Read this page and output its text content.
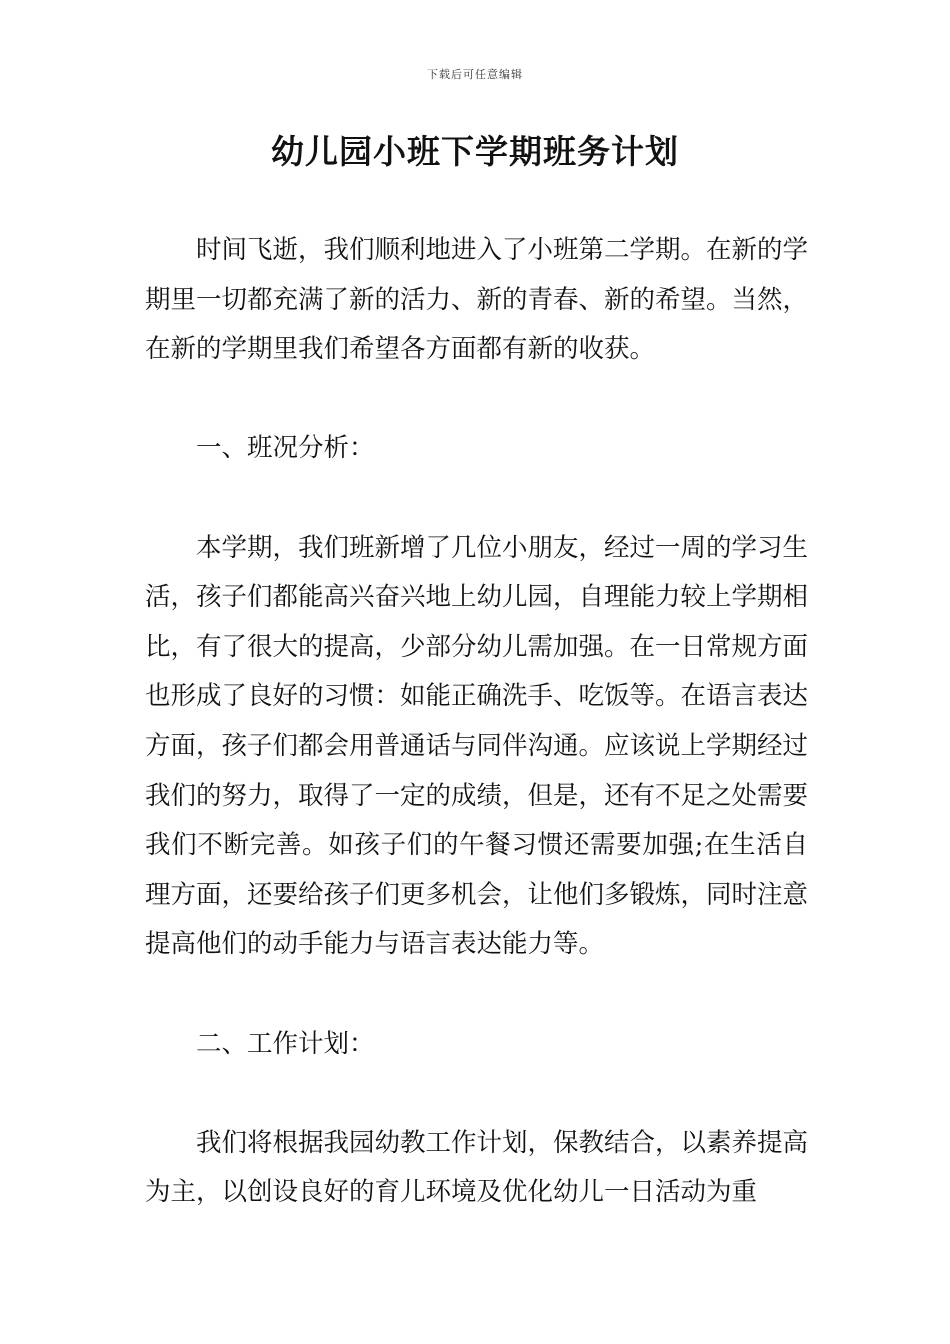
下载后可任意编辑
幼儿园小班下学期班务计划

时间飞逝，我们顺利地进入了小班第二学期。在新的学期里一切都充满了新的活力、新的青春、新的希望。当然，在新的学期里我们希望各方面都有新的收获。

一、班况分析：

本学期，我们班新增了几位小朋友，经过一周的学习生活，孩子们都能高兴奋兴地上幼儿园，自理能力较上学期相比，有了很大的提高，少部分幼儿需加强。在一日常规方面也形成了良好的习惯：如能正确洗手、吃饭等。在语言表达方面，孩子们都会用普通话与同伴沟通。应该说上学期经过我们的努力，取得了一定的成绩，但是，还有不足之处需要我们不断完善。如孩子们的午餐习惯还需要加强;在生活自理方面，还要给孩子们更多机会，让他们多锻炼，同时注意提高他们的动手能力与语言表达能力等。

二、工作计划：

我们将根据我园幼教工作计划，保教结合，以素养提高为主，以创设良好的育儿环境及优化幼儿一日活动为重
